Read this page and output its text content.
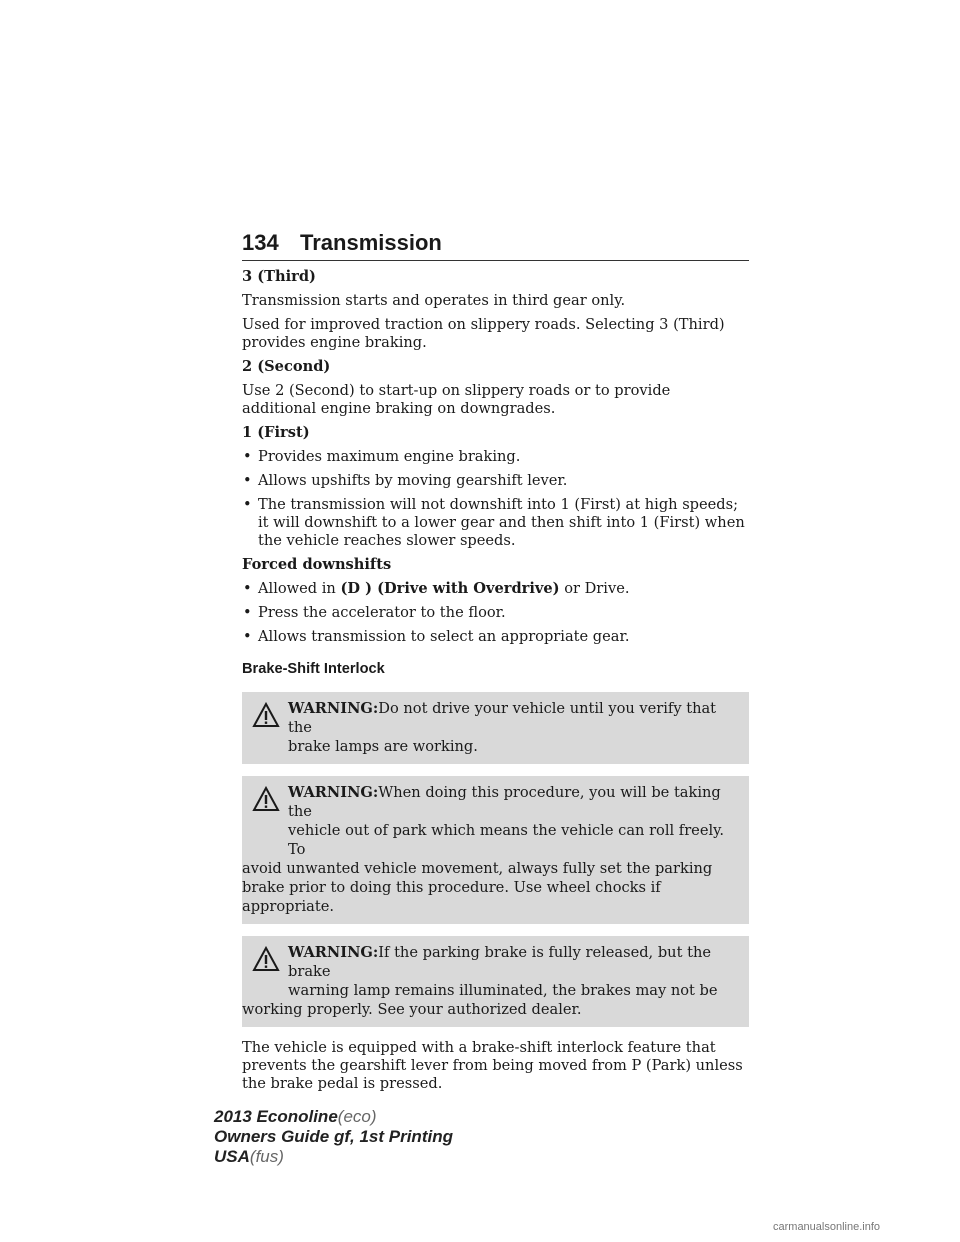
134 Transmission
3 (Third)
Transmission starts and operates in third gear only.
Used for improved traction on slippery roads. Selecting 3 (Third) provides engine braking.
2 (Second)
Use 2 (Second) to start-up on slippery roads or to provide additional engine braking on downgrades.
1 (First)
• Provides maximum engine braking.
• Allows upshifts by moving gearshift lever.
• The transmission will not downshift into 1 (First) at high speeds; it will downshift to a lower gear and then shift into 1 (First) when the vehicle reaches slower speeds.
Forced downshifts
• Allowed in (D ) (Drive with Overdrive) or Drive.
• Press the accelerator to the floor.
• Allows transmission to select an appropriate gear.
Brake-Shift Interlock
WARNING:Do not drive your vehicle until you verify that the
brake lamps are working.
WARNING:When doing this procedure, you will be taking the
vehicle out of park which means the vehicle can roll freely. To
avoid unwanted vehicle movement, always fully set the parking brake prior to doing this procedure. Use wheel chocks if appropriate.
WARNING:If the parking brake is fully released, but the brake
warning lamp remains illuminated, the brakes may not be
working properly. See your authorized dealer.
The vehicle is equipped with a brake-shift interlock feature that prevents the gearshift lever from being moved from P (Park) unless the brake pedal is pressed.
2013 Econoline(eco)
Owners Guide gf, 1st Printing
USA(fus)
carmanualsonline.info
